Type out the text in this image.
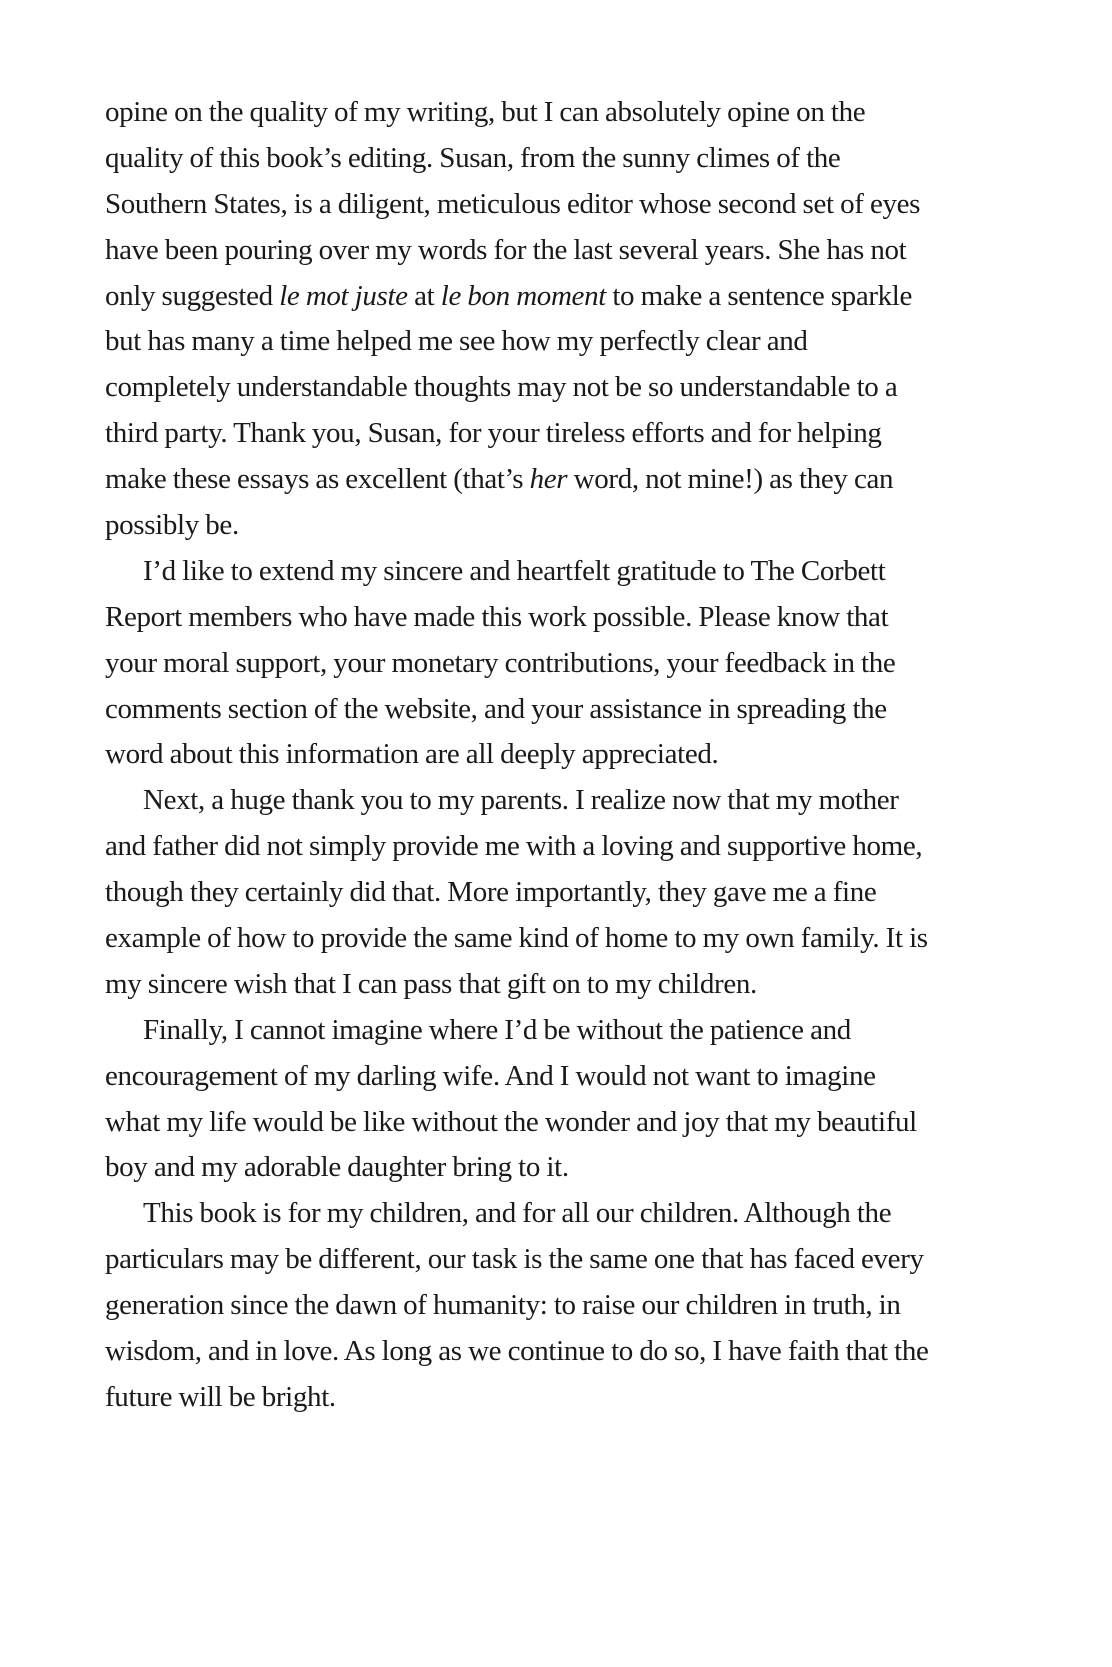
opine on the quality of my writing, but I can absolutely opine on the
quality of this book’s editing. Susan, from the sunny climes of the
Southern States, is a diligent, meticulous editor whose second set of eyes
have been pouring over my words for the last several years. She has not
only suggested le mot juste at le bon moment to make a sentence sparkle
but has many a time helped me see how my perfectly clear and
completely understandable thoughts may not be so understandable to a
third party. Thank you, Susan, for your tireless efforts and for helping
make these essays as excellent (that’s her word, not mine!) as they can
possibly be.
I’d like to extend my sincere and heartfelt gratitude to The Corbett
Report members who have made this work possible. Please know that
your moral support, your monetary contributions, your feedback in the
comments section of the website, and your assistance in spreading the
word about this information are all deeply appreciated.
Next, a huge thank you to my parents. I realize now that my mother
and father did not simply provide me with a loving and supportive home,
though they certainly did that. More importantly, they gave me a fine
example of how to provide the same kind of home to my own family. It is
my sincere wish that I can pass that gift on to my children.
Finally, I cannot imagine where I’d be without the patience and
encouragement of my darling wife. And I would not want to imagine
what my life would be like without the wonder and joy that my beautiful
boy and my adorable daughter bring to it.
This book is for my children, and for all our children. Although the
particulars may be different, our task is the same one that has faced every
generation since the dawn of humanity: to raise our children in truth, in
wisdom, and in love. As long as we continue to do so, I have faith that the
future will be bright.
